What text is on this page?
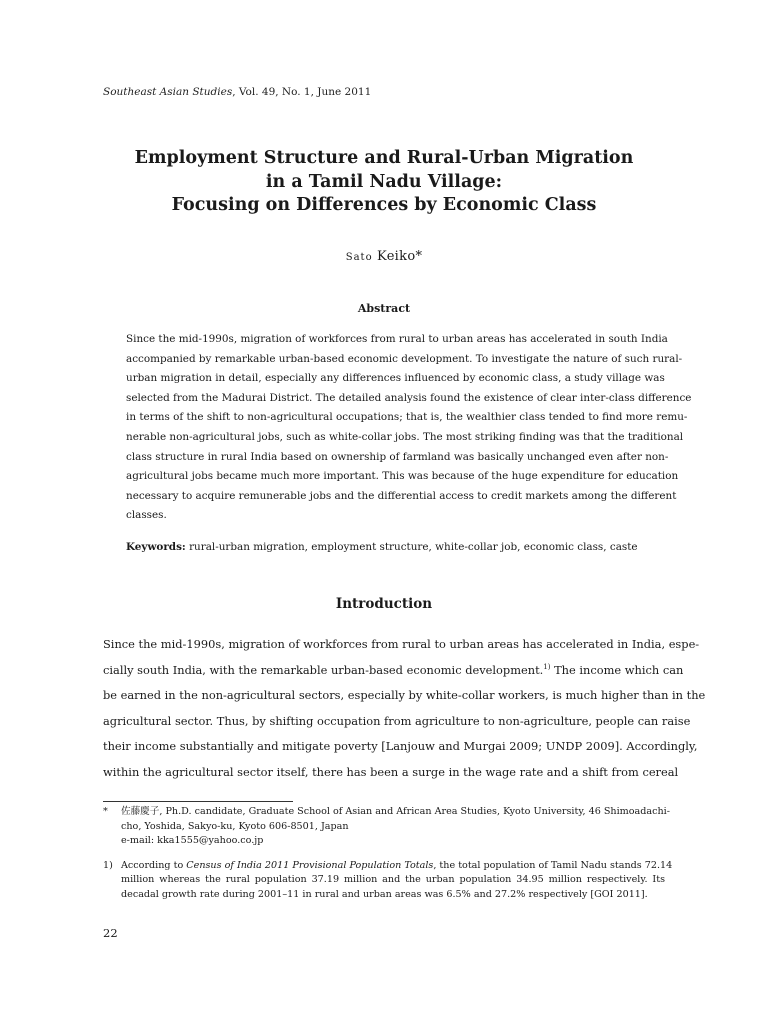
Southeast Asian Studies, Vol. 49, No. 1, June 2011
Employment Structure and Rural-Urban Migration
in a Tamil Nadu Village:
Focusing on Differences by Economic Class
Sato Keiko*
Abstract
Since the mid-1990s, migration of workforces from rural to urban areas has accelerated in south India
accompanied by remarkable urban-based economic development. To investigate the nature of such rural-
urban migration in detail, especially any differences influenced by economic class, a study village was
selected from the Madurai District. The detailed analysis found the existence of clear inter-class difference
in terms of the shift to non-agricultural occupations; that is, the wealthier class tended to find more remu-
nerable non-agricultural jobs, such as white-collar jobs. The most striking finding was that the traditional
class structure in rural India based on ownership of farmland was basically unchanged even after non-
agricultural jobs became much more important. This was because of the huge expenditure for education
necessary to acquire remunerable jobs and the differential access to credit markets among the different
classes.
Keywords: rural-urban migration, employment structure, white-collar job, economic class, caste
Introduction
Since the mid-1990s, migration of workforces from rural to urban areas has accelerated in India, espe-
cially south India, with the remarkable urban-based economic development.$^{1)}$ The income which can
be earned in the non-agricultural sectors, especially by white-collar workers, is much higher than in the
agricultural sector. Thus, by shifting occupation from agriculture to non-agriculture, people can raise
their income substantially and mitigate poverty [Lanjouw and Murgai 2009; UNDP 2009]. Accordingly,
within the agricultural sector itself, there has been a surge in the wage rate and a shift from cereal
* 佐藤慶子, Ph.D. candidate, Graduate School of Asian and African Area Studies, Kyoto University, 46 Shimoadachi-
cho, Yoshida, Sakyo-ku, Kyoto 606-8501, Japan
e-mail: kka1555@yahoo.co.jp
1) According to Census of India 2011 Provisional Population Totals, the total population of Tamil Nadu stands 72.14
million whereas the rural population 37.19 million and the urban population 34.95 million respectively. Its
decadal growth rate during 2001–11 in rural and urban areas was 6.5% and 27.2% respectively [GOI 2011].
22
